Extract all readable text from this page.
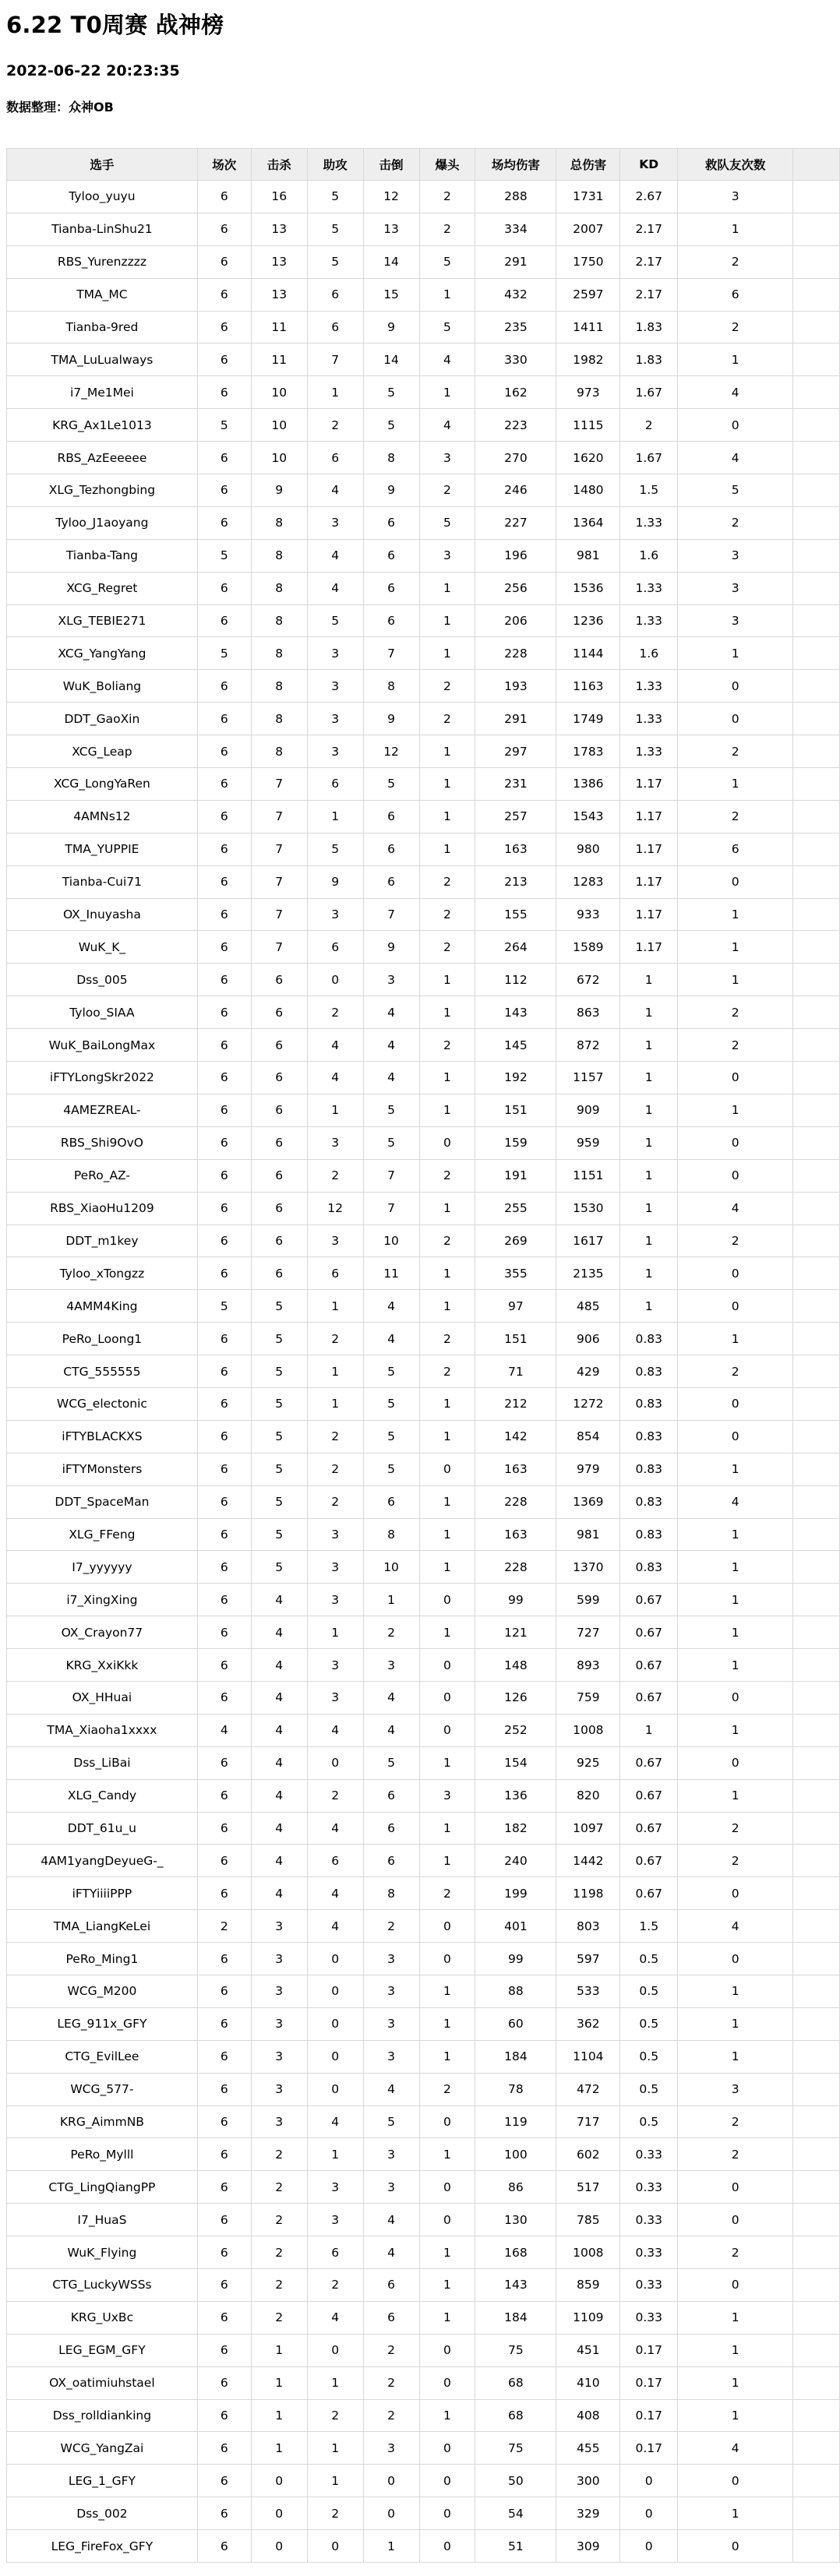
6.22 T0周赛 战神榜
2022-06-22 20:23:35
数据整理：众神OB
选手	场次	击杀	助攻	击倒	爆头	场均伤害	总伤害	KD	救队友次数	
Tyloo_yuyu	6	16	5	12	2	288	1731	2.67	3	
Tianba-LinShu21	6	13	5	13	2	334	2007	2.17	1	
RBS_Yurenzzzz	6	13	5	14	5	291	1750	2.17	2	
TMA_MC	6	13	6	15	1	432	2597	2.17	6	
Tianba-9red	6	11	6	9	5	235	1411	1.83	2	
TMA_LuLualways	6	11	7	14	4	330	1982	1.83	1	
i7_Me1Mei	6	10	1	5	1	162	973	1.67	4	
KRG_Ax1Le1013	5	10	2	5	4	223	1115	2	0	
RBS_AzEeeeee	6	10	6	8	3	270	1620	1.67	4	
XLG_Tezhongbing	6	9	4	9	2	246	1480	1.5	5	
Tyloo_J1aoyang	6	8	3	6	5	227	1364	1.33	2	
Tianba-Tang	5	8	4	6	3	196	981	1.6	3	
XCG_Regret	6	8	4	6	1	256	1536	1.33	3	
XLG_TEBIE271	6	8	5	6	1	206	1236	1.33	3	
XCG_YangYang	5	8	3	7	1	228	1144	1.6	1	
WuK_Boliang	6	8	3	8	2	193	1163	1.33	0	
DDT_GaoXin	6	8	3	9	2	291	1749	1.33	0	
XCG_Leap	6	8	3	12	1	297	1783	1.33	2	
XCG_LongYaRen	6	7	6	5	1	231	1386	1.17	1	
4AMNs12	6	7	1	6	1	257	1543	1.17	2	
TMA_YUPPIE	6	7	5	6	1	163	980	1.17	6	
Tianba-Cui71	6	7	9	6	2	213	1283	1.17	0	
OX_Inuyasha	6	7	3	7	2	155	933	1.17	1	
WuK_K_	6	7	6	9	2	264	1589	1.17	1	
Dss_005	6	6	0	3	1	112	672	1	1	
Tyloo_SIAA	6	6	2	4	1	143	863	1	2	
WuK_BaiLongMax	6	6	4	4	2	145	872	1	2	
iFTYLongSkr2022	6	6	4	4	1	192	1157	1	0	
4AMEZREAL-	6	6	1	5	1	151	909	1	1	
RBS_Shi9OvO	6	6	3	5	0	159	959	1	0	
PeRo_AZ-	6	6	2	7	2	191	1151	1	0	
RBS_XiaoHu1209	6	6	12	7	1	255	1530	1	4	
DDT_m1key	6	6	3	10	2	269	1617	1	2	
Tyloo_xTongzz	6	6	6	11	1	355	2135	1	0	
4AMM4King	5	5	1	4	1	97	485	1	0	
PeRo_Loong1	6	5	2	4	2	151	906	0.83	1	
CTG_555555	6	5	1	5	2	71	429	0.83	2	
WCG_electonic	6	5	1	5	1	212	1272	0.83	0	
iFTYBLACKXS	6	5	2	5	1	142	854	0.83	0	
iFTYMonsters	6	5	2	5	0	163	979	0.83	1	
DDT_SpaceMan	6	5	2	6	1	228	1369	0.83	4	
XLG_FFeng	6	5	3	8	1	163	981	0.83	1	
I7_yyyyyy	6	5	3	10	1	228	1370	0.83	1	
i7_XingXing	6	4	3	1	0	99	599	0.67	1	
OX_Crayon77	6	4	1	2	1	121	727	0.67	1	
KRG_XxiKkk	6	4	3	3	0	148	893	0.67	1	
OX_HHuai	6	4	3	4	0	126	759	0.67	0	
TMA_Xiaoha1xxxx	4	4	4	4	0	252	1008	1	1	
Dss_LiBai	6	4	0	5	1	154	925	0.67	0	
XLG_Candy	6	4	2	6	3	136	820	0.67	1	
DDT_61u_u	6	4	4	6	1	182	1097	0.67	2	
4AM1yangDeyueG-_	6	4	6	6	1	240	1442	0.67	2	
iFTYiiiiPPP	6	4	4	8	2	199	1198	0.67	0	
TMA_LiangKeLei	2	3	4	2	0	401	803	1.5	4	
PeRo_Ming1	6	3	0	3	0	99	597	0.5	0	
WCG_M200	6	3	0	3	1	88	533	0.5	1	
LEG_911x_GFY	6	3	0	3	1	60	362	0.5	1	
CTG_EvilLee	6	3	0	3	1	184	1104	0.5	1	
WCG_577-	6	3	0	4	2	78	472	0.5	3	
KRG_AimmNB	6	3	4	5	0	119	717	0.5	2	
PeRo_Mylll	6	2	1	3	1	100	602	0.33	2	
CTG_LingQiangPP	6	2	3	3	0	86	517	0.33	0	
I7_HuaS	6	2	3	4	0	130	785	0.33	0	
WuK_Flying	6	2	6	4	1	168	1008	0.33	2	
CTG_LuckyWSSs	6	2	2	6	1	143	859	0.33	0	
KRG_UxBc	6	2	4	6	1	184	1109	0.33	1	
LEG_EGM_GFY	6	1	0	2	0	75	451	0.17	1	
OX_oatimiuhstael	6	1	1	2	0	68	410	0.17	1	
Dss_rolldianking	6	1	2	2	1	68	408	0.17	1	
WCG_YangZai	6	1	1	3	0	75	455	0.17	4	
LEG_1_GFY	6	0	1	0	0	50	300	0	0	
Dss_002	6	0	2	0	0	54	329	0	1	
LEG_FireFox_GFY	6	0	0	1	0	51	309	0	0	
